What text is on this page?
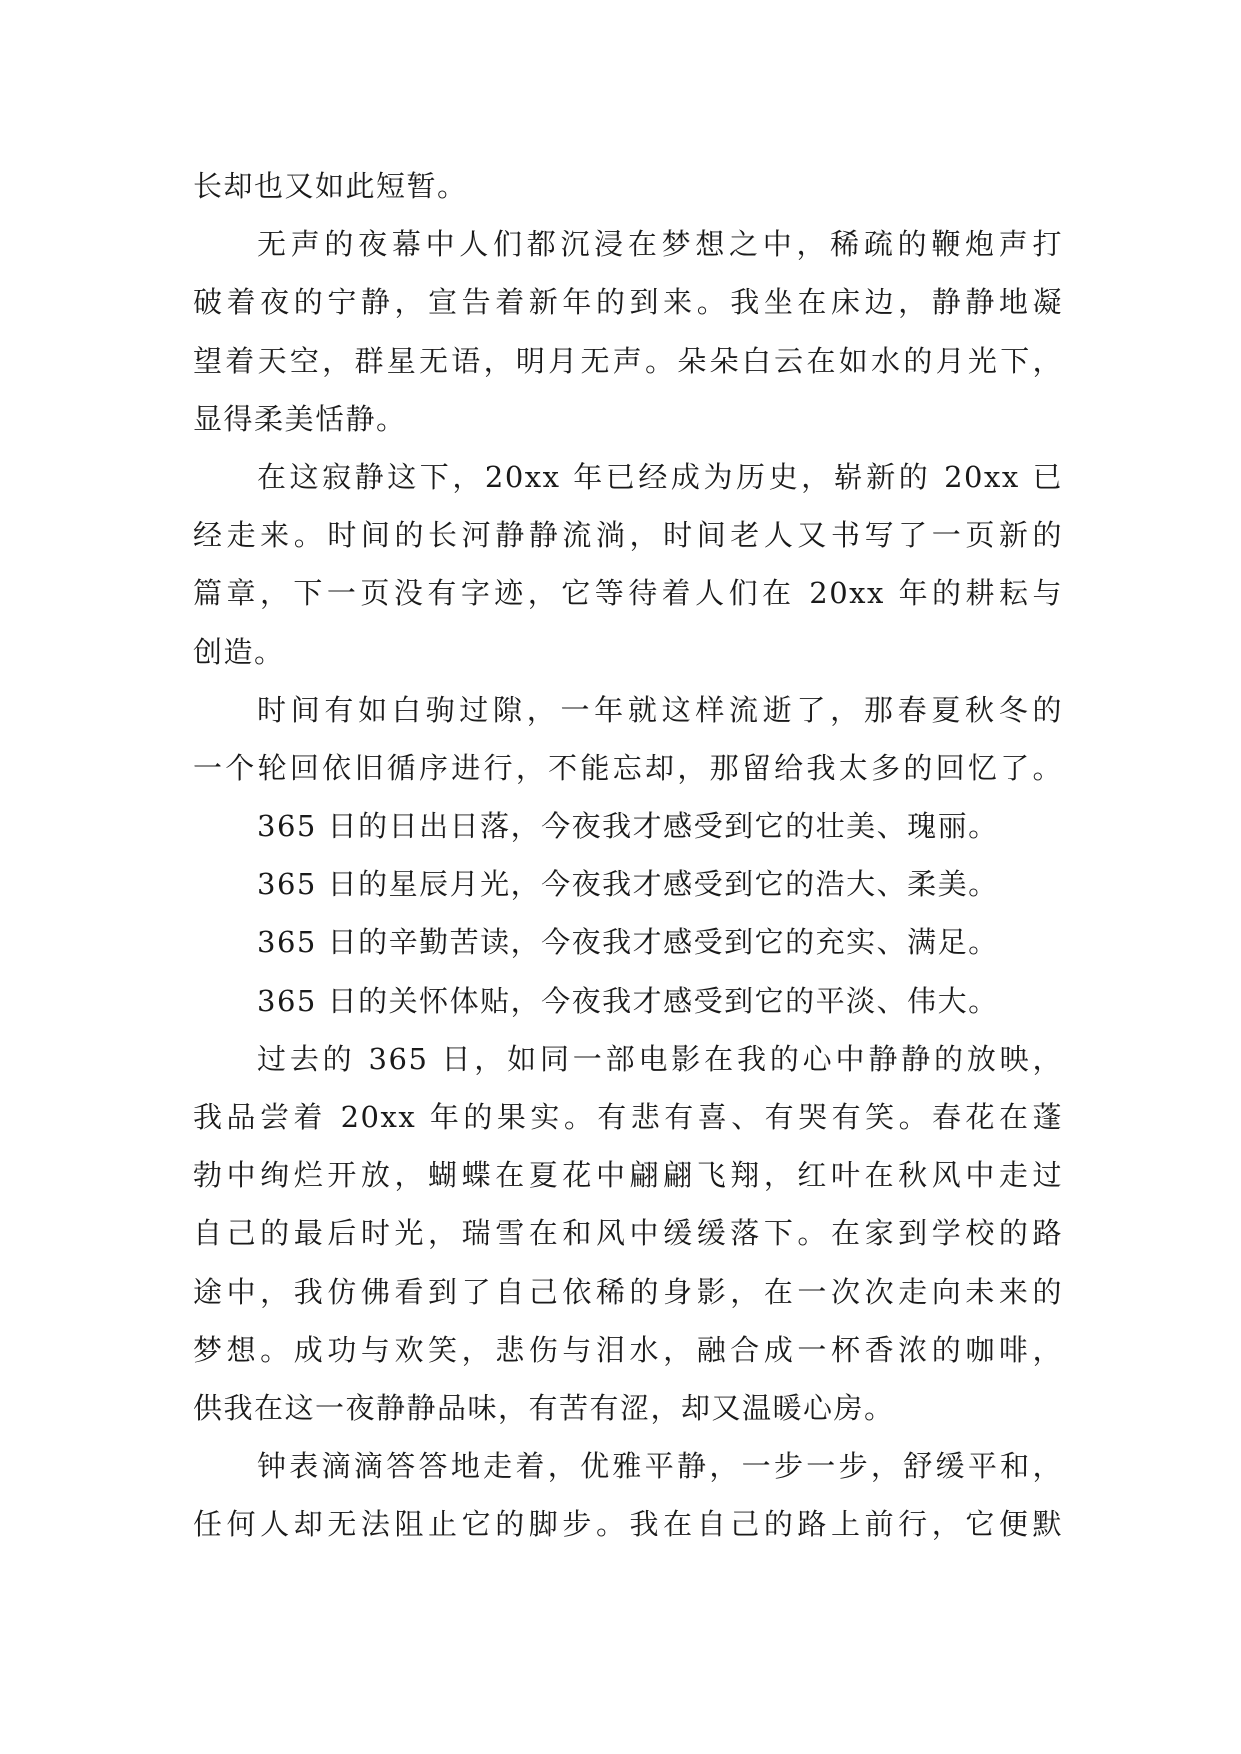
长却也又如此短暂。
无声的夜幕中人们都沉浸在梦想之中，稀疏的鞭炮声打
破着夜的宁静，宣告着新年的到来。我坐在床边，静静地凝
望着天空，群星无语，明月无声。朵朵白云在如水的月光下，
显得柔美恬静。
在这寂静这下，20xx 年已经成为历史，崭新的 20xx 已
经走来。时间的长河静静流淌，时间老人又书写了一页新的
篇章，下一页没有字迹，它等待着人们在 20xx 年的耕耘与
创造。
时间有如白驹过隙，一年就这样流逝了，那春夏秋冬的
一个轮回依旧循序进行，不能忘却，那留给我太多的回忆了。
365 日的日出日落，今夜我才感受到它的壮美、瑰丽。
365 日的星辰月光，今夜我才感受到它的浩大、柔美。
365 日的辛勤苦读，今夜我才感受到它的充实、满足。
365 日的关怀体贴，今夜我才感受到它的平淡、伟大。
过去的 365 日，如同一部电影在我的心中静静的放映，
我品尝着 20xx 年的果实。有悲有喜、有哭有笑。春花在蓬
勃中绚烂开放，蝴蝶在夏花中翩翩飞翔，红叶在秋风中走过
自己的最后时光，瑞雪在和风中缓缓落下。在家到学校的路
途中，我仿佛看到了自己依稀的身影，在一次次走向未来的
梦想。成功与欢笑，悲伤与泪水，融合成一杯香浓的咖啡，
供我在这一夜静静品味，有苦有涩，却又温暖心房。
钟表滴滴答答地走着，优雅平静，一步一步，舒缓平和，
任何人却无法阻止它的脚步。我在自己的路上前行，它便默
